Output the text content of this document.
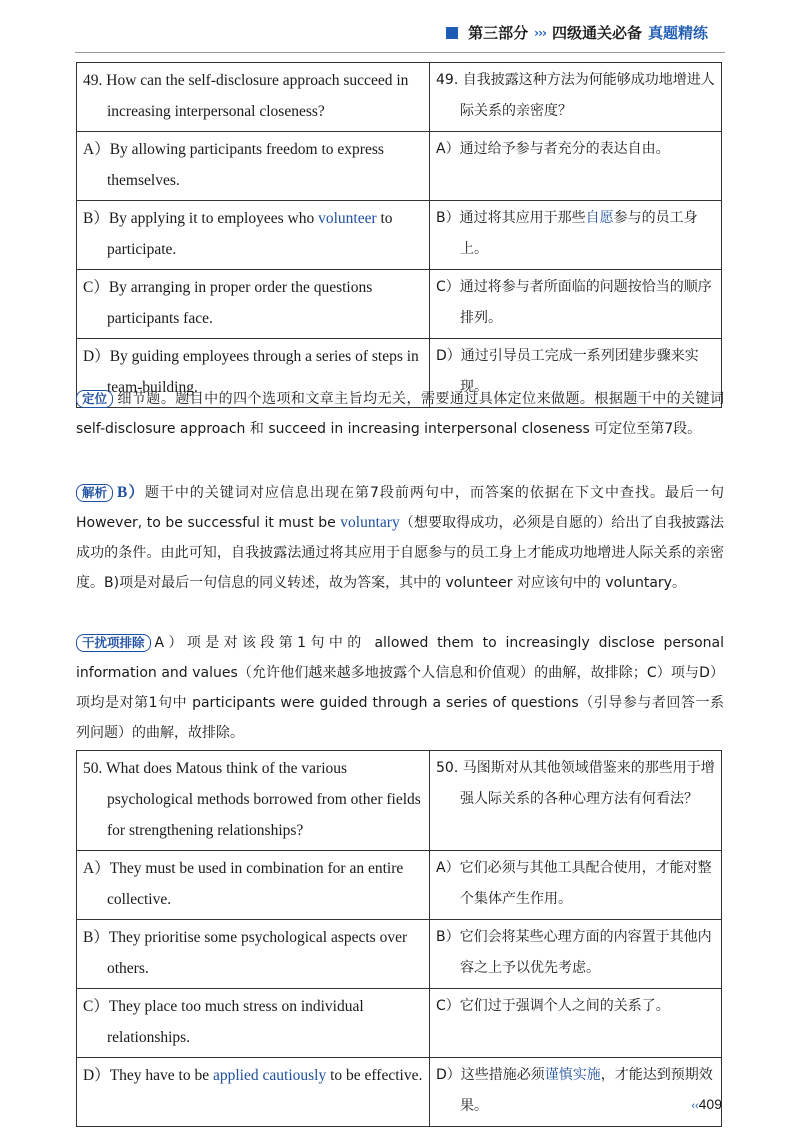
第三部分 ››› 四级通关必备 真题精练
49. How can the self-disclosure approach succeed in increasing interpersonal closeness?	49. 自我披露这种方法为何能够成功地增进人际关系的亲密度？

A）By allowing participants freedom to express themselves.	A）通过给予参与者充分的表达自由。

B）By applying it to employees who volunteer to participate.	B）通过将其应用于那些自愿参与的员工身上。

C）By arranging in proper order the questions participants face.	C）通过将参与者所面临的问题按恰当的顺序排列。

D）By guiding employees through a series of steps in team-building.	D）通过引导员工完成一系列团建步骤来实现。
定位 细节题。题目中的四个选项和文章主旨均无关，需要通过具体定位来做题。根据题干中的关键词 self-disclosure approach 和 succeed in increasing interpersonal closeness 可定位至第7段。
解析 B）题干中的关键词对应信息出现在第7段前两句中，而答案的依据在下文中查找。最后一句 However, to be successful it must be voluntary（想要取得成功，必须是自愿的）给出了自我披露法成功的条件。由此可知，自我披露法通过将其应用于自愿参与的员工身上才能成功地增进人际关系的亲密度。B)项是对最后一句信息的同义转述，故为答案，其中的 volunteer 对应该句中的 voluntary。
干扰项排除 A）项是对该段第1句中的 allowed them to increasingly disclose personal information and values（允许他们越来越多地披露个人信息和价值观）的曲解，故排除；C）项与D）项均是对第1句中 participants were guided through a series of questions（引导参与者回答一系列问题）的曲解，故排除。
50. What does Matous think of the various psychological methods borrowed from other fields for strengthening relationships?	50. 马图斯对从其他领域借鉴来的那些用于增强人际关系的各种心理方法有何看法？

A）They must be used in combination for an entire collective.	A）它们必须与其他工具配合使用，才能对整个集体产生作用。

B）They prioritise some psychological aspects over others.	B）它们会将某些心理方面的内容置于其他内容之上予以优先考虑。

C）They place too much stress on individual relationships.	C）它们过于强调个人之间的关系了。

D）They have to be applied cautiously to be effective.	D）这些措施必须谨慎实施，才能达到预期效果。	‹‹409
